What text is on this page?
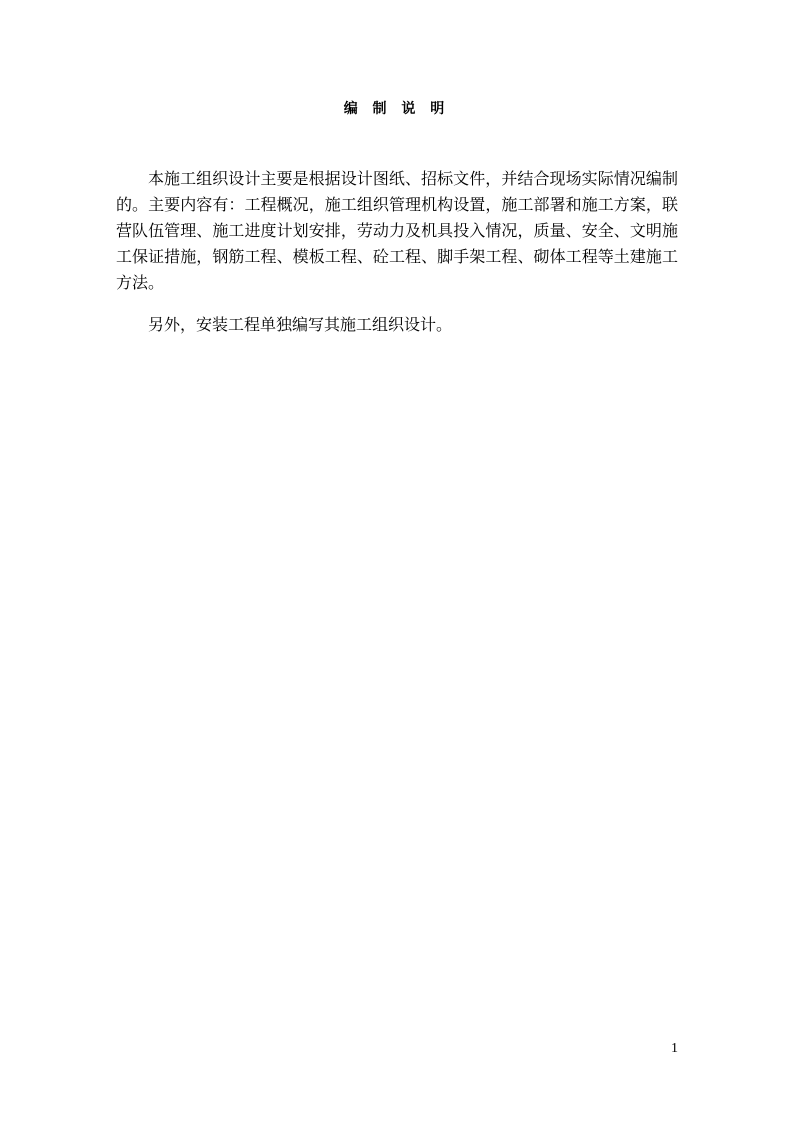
编 制 说 明

本施工组织设计主要是根据设计图纸、招标文件，并结合现场实际情况编制的。主要内容有：工程概况，施工组织管理机构设置，施工部署和施工方案，联营队伍管理、施工进度计划安排，劳动力及机具投入情况，质量、安全、文明施工保证措施，钢筋工程、模板工程、砼工程、脚手架工程、砌体工程等土建施工方法。

另外，安装工程单独编写其施工组织设计。

1
